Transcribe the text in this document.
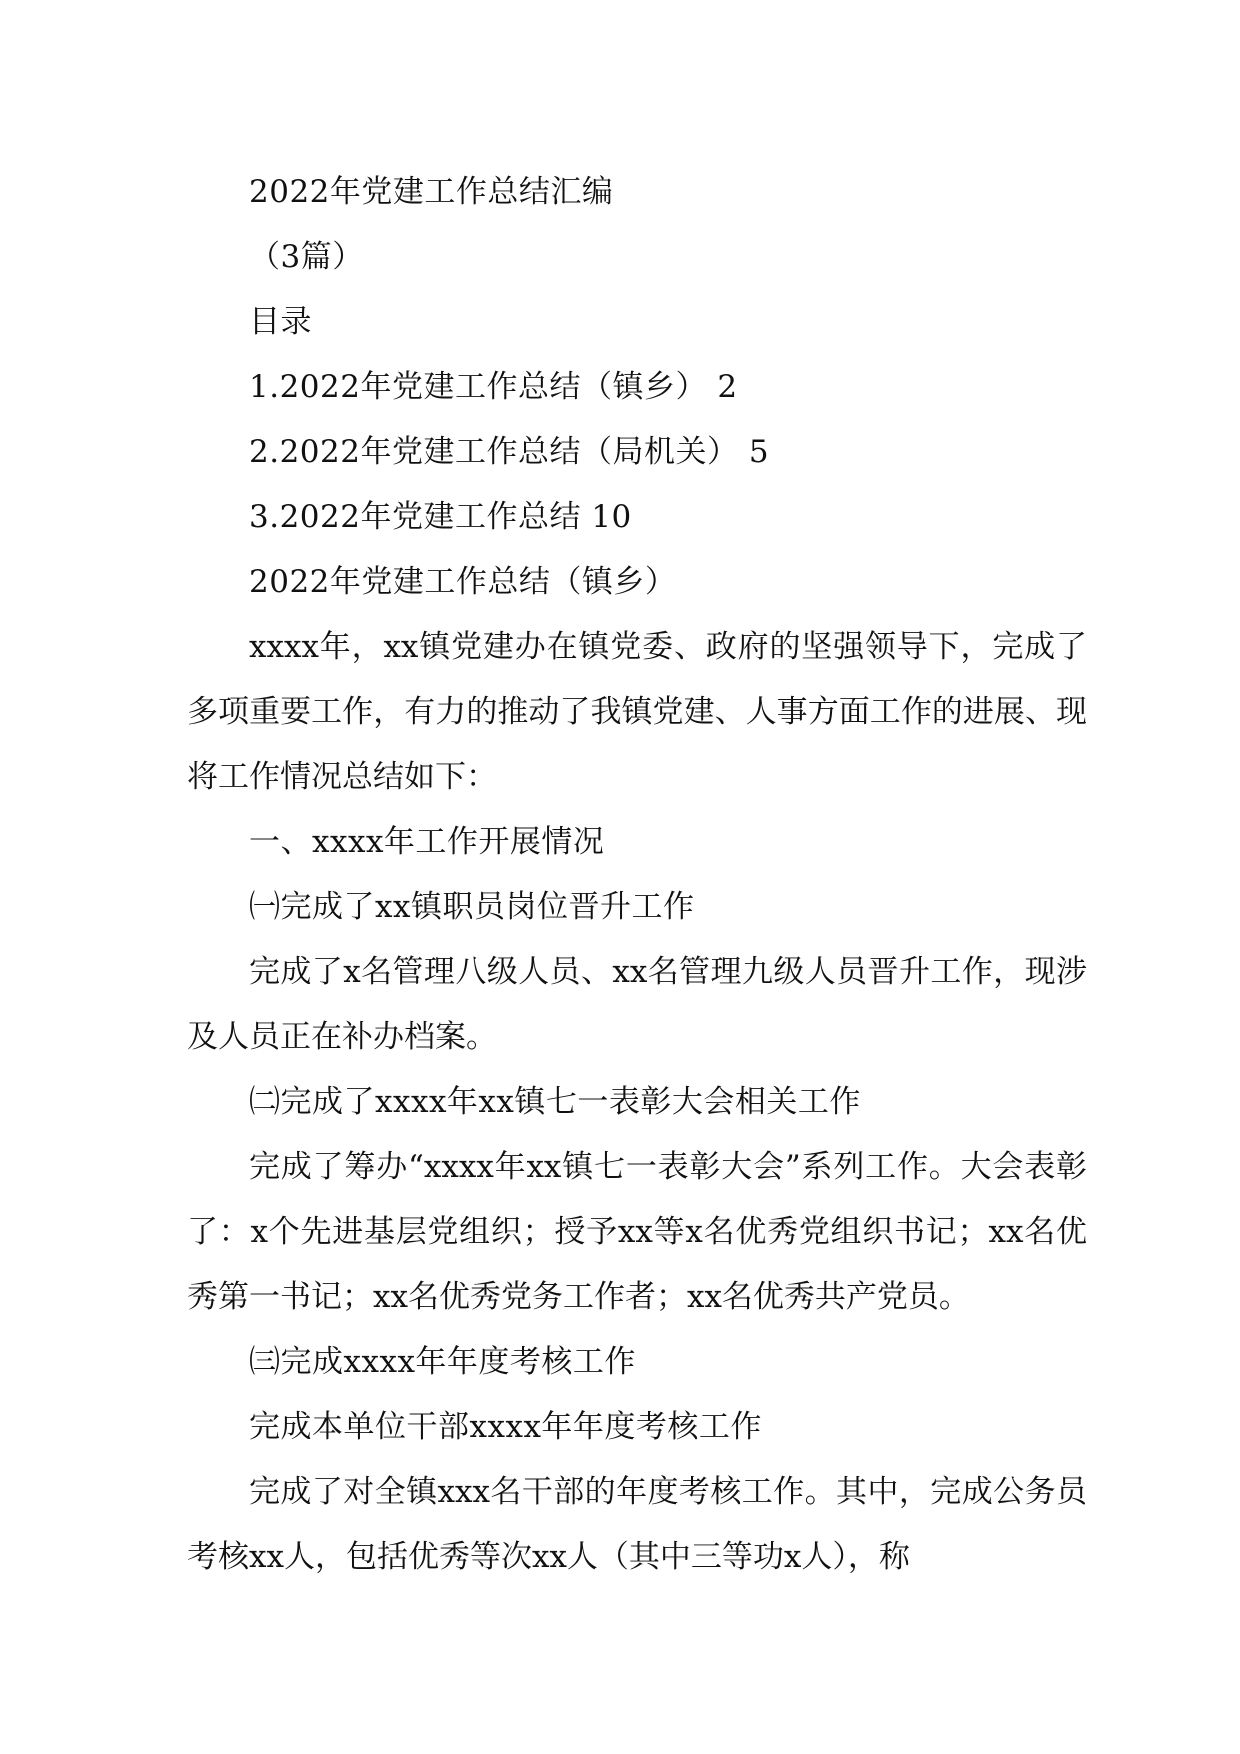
2022年党建工作总结汇编
（3篇）
目录
1.2022年党建工作总结（镇乡） 2
2.2022年党建工作总结（局机关） 5
3.2022年党建工作总结 10
2022年党建工作总结（镇乡）

xxxx年，xx镇党建办在镇党委、政府的坚强领导下，完成了多项重要工作，有力的推动了我镇党建、人事方面工作的进展、现将工作情况总结如下：

一、xxxx年工作开展情况
㈠完成了xx镇职员岗位晋升工作

完成了x名管理八级人员、xx名管理九级人员晋升工作，现涉及人员正在补办档案。

㈡完成了xxxx年xx镇七一表彰大会相关工作

完成了筹办“xxxx年xx镇七一表彰大会”系列工作。大会表彰了：x个先进基层党组织；授予xx等x名优秀党组织书记；xx名优秀第一书记；xx名优秀党务工作者；xx名优秀共产党员。

㈢完成xxxx年年度考核工作
完成本单位干部xxxx年年度考核工作

完成了对全镇xxx名干部的年度考核工作。其中，完成公务员考核xx人，包括优秀等次xx人（其中三等功x人），称
